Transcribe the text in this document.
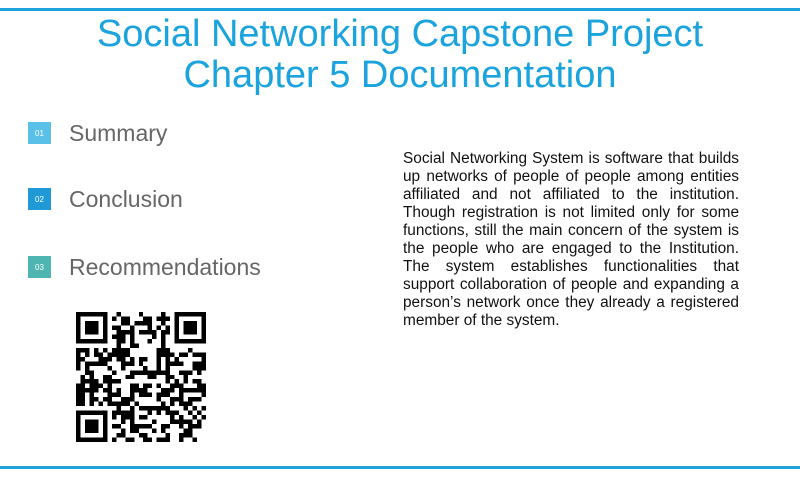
Social Networking Capstone Project
Chapter 5 Documentation
01	Summary
02	Conclusion
03	Recommendations
Social Networking System is software that builds up networks of people of people among entities affiliated and not affiliated to the institution. Though registration is not limited only for some functions, still the main concern of the system is the people who are engaged to the Institution. The system establishes functionalities that support collaboration of people and expanding a person’s network once they already a registered member of the system.
